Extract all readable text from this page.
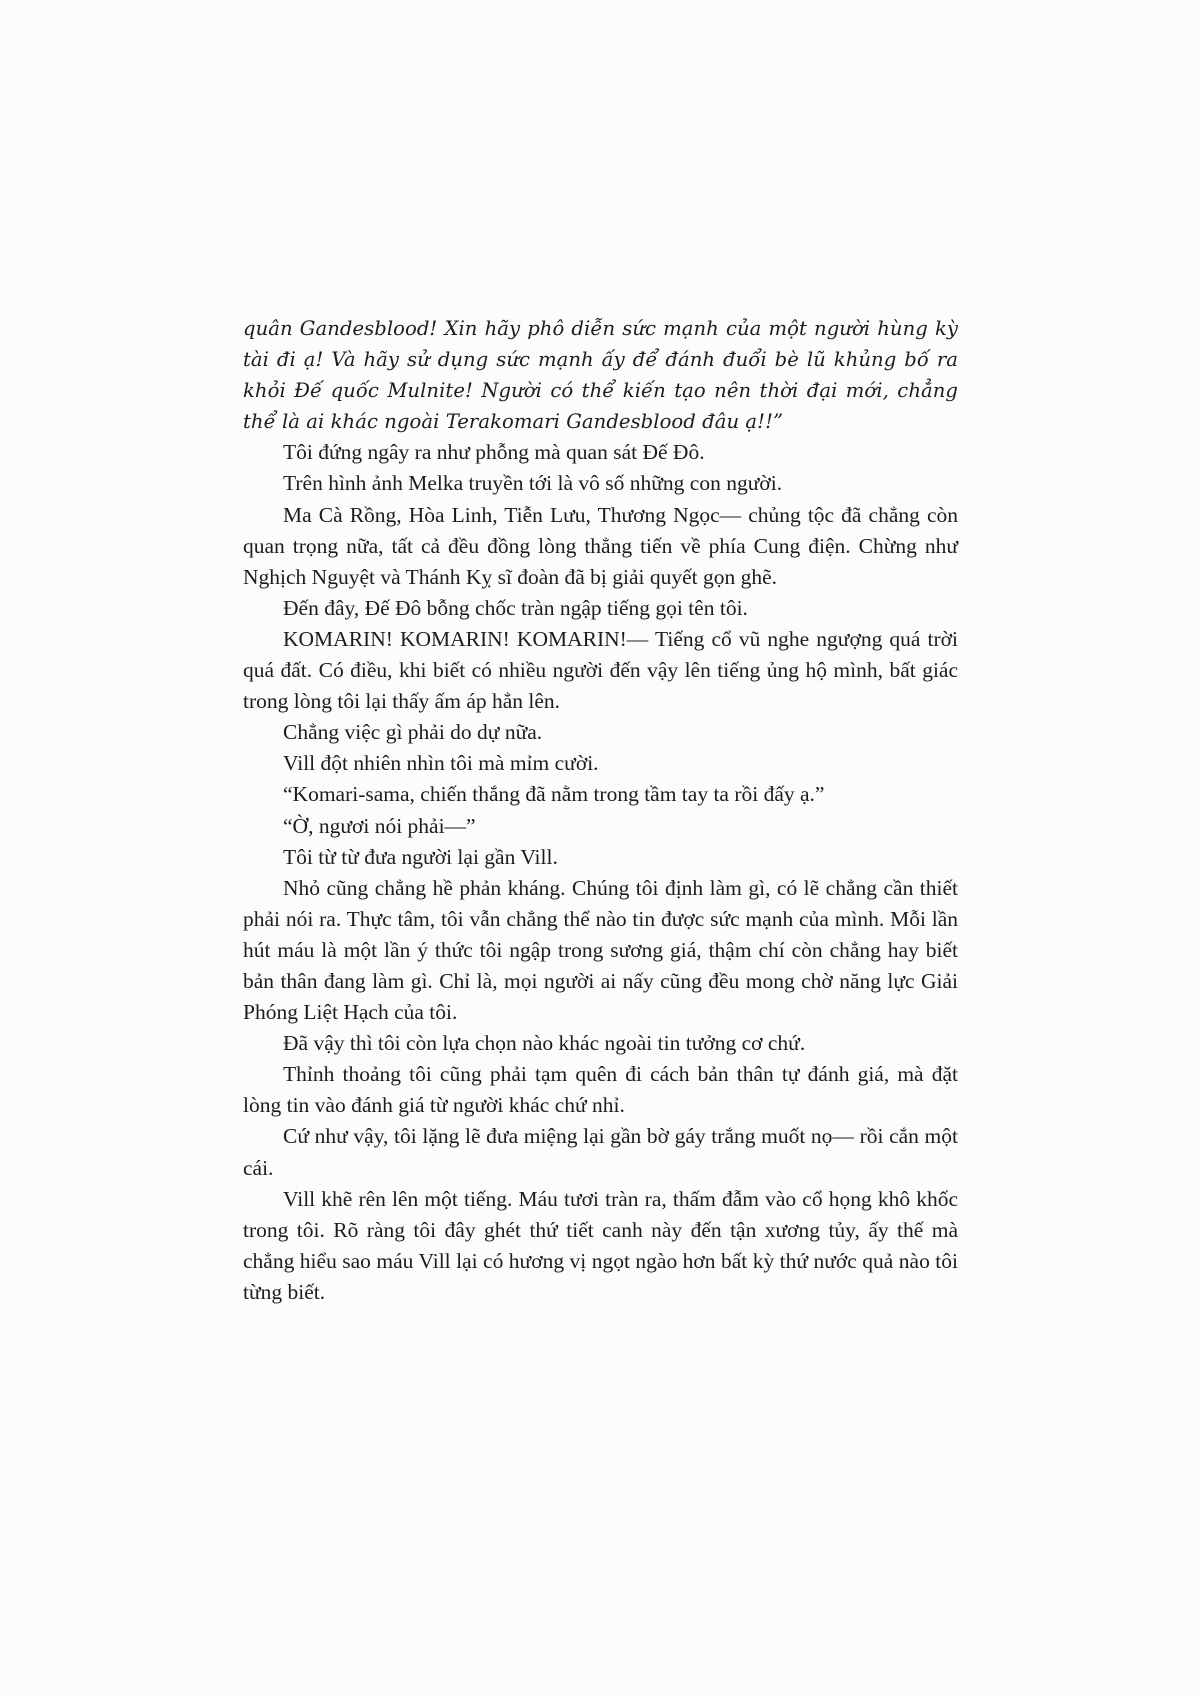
quân Gandesblood! Xin hãy phô diễn sức mạnh của một người hùng kỳ tài đi ạ! Và hãy sử dụng sức mạnh ấy để đánh đuổi bè lũ khủng bố ra khỏi Đế quốc Mulnite! Người có thể kiến tạo nên thời đại mới, chẳng thể là ai khác ngoài Terakomari Gandesblood đâu ạ!!”

Tôi đứng ngây ra như phỗng mà quan sát Đế Đô.

Trên hình ảnh Melka truyền tới là vô số những con người.

Ma Cà Rồng, Hòa Linh, Tiễn Lưu, Thương Ngọc— chủng tộc đã chẳng còn quan trọng nữa, tất cả đều đồng lòng thẳng tiến về phía Cung điện. Chừng như Nghịch Nguyệt và Thánh Kỵ sĩ đoàn đã bị giải quyết gọn ghẽ.

Đến đây, Đế Đô bỗng chốc tràn ngập tiếng gọi tên tôi.

KOMARIN! KOMARIN! KOMARIN!— Tiếng cổ vũ nghe ngượng quá trời quá đất. Có điều, khi biết có nhiều người đến vậy lên tiếng ủng hộ mình, bất giác trong lòng tôi lại thấy ấm áp hẳn lên.

Chẳng việc gì phải do dự nữa.

Vill đột nhiên nhìn tôi mà mỉm cười.

“Komari-sama, chiến thắng đã nằm trong tầm tay ta rồi đấy ạ.”

“Ờ, ngươi nói phải—”

Tôi từ từ đưa người lại gần Vill.

Nhỏ cũng chẳng hề phản kháng. Chúng tôi định làm gì, có lẽ chẳng cần thiết phải nói ra. Thực tâm, tôi vẫn chẳng thể nào tin được sức mạnh của mình. Mỗi lần hút máu là một lần ý thức tôi ngập trong sương giá, thậm chí còn chẳng hay biết bản thân đang làm gì. Chỉ là, mọi người ai nấy cũng đều mong chờ năng lực Giải Phóng Liệt Hạch của tôi.

Đã vậy thì tôi còn lựa chọn nào khác ngoài tin tưởng cơ chứ.

Thỉnh thoảng tôi cũng phải tạm quên đi cách bản thân tự đánh giá, mà đặt lòng tin vào đánh giá từ người khác chứ nhỉ.

Cứ như vậy, tôi lặng lẽ đưa miệng lại gần bờ gáy trắng muốt nọ— rồi cắn một cái.

Vill khẽ rên lên một tiếng. Máu tươi tràn ra, thấm đẫm vào cổ họng khô khốc trong tôi. Rõ ràng tôi đây ghét thứ tiết canh này đến tận xương tủy, ấy thế mà chẳng hiểu sao máu Vill lại có hương vị ngọt ngào hơn bất kỳ thứ nước quả nào tôi từng biết.
